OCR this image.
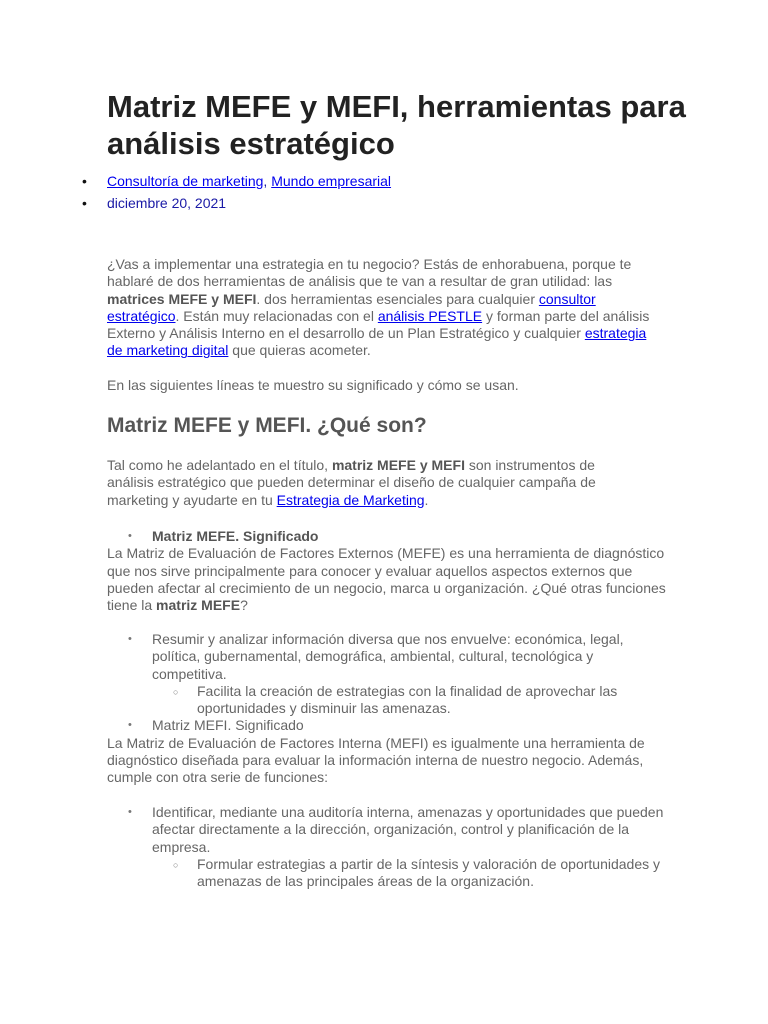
Matriz MEFE y MEFI, herramientas para análisis estratégico
• Consultoría de marketing, Mundo empresarial
• diciembre 20, 2021

¿Vas a implementar una estrategia en tu negocio? Estás de enhorabuena, porque te hablaré de dos herramientas de análisis que te van a resultar de gran utilidad: las matrices MEFE y MEFI. dos herramientas esenciales para cualquier consultor estratégico. Están muy relacionadas con el análisis PESTLE y forman parte del análisis Externo y Análisis Interno en el desarrollo de un Plan Estratégico y cualquier estrategia de marketing digital que quieras acometer.

En las siguientes líneas te muestro su significado y cómo se usan.

Matriz MEFE y MEFI. ¿Qué son?

Tal como he adelantado en el título, matriz MEFE y MEFI son instrumentos de análisis estratégico que pueden determinar el diseño de cualquier campaña de marketing y ayudarte en tu Estrategia de Marketing.

• Matriz MEFE. Significado
La Matriz de Evaluación de Factores Externos (MEFE) es una herramienta de diagnóstico que nos sirve principalmente para conocer y evaluar aquellos aspectos externos que pueden afectar al crecimiento de un negocio, marca u organización. ¿Qué otras funciones tiene la matriz MEFE?
• Resumir y analizar información diversa que nos envuelve: económica, legal, política, gubernamental, demográfica, ambiental, cultural, tecnológica y competitiva.
○ Facilita la creación de estrategias con la finalidad de aprovechar las oportunidades y disminuir las amenazas.
• Matriz MEFI. Significado
La Matriz de Evaluación de Factores Interna (MEFI) es igualmente una herramienta de diagnóstico diseñada para evaluar la información interna de nuestro negocio. Además, cumple con otra serie de funciones:
• Identificar, mediante una auditoría interna, amenazas y oportunidades que pueden afectar directamente a la dirección, organización, control y planificación de la empresa.
○ Formular estrategias a partir de la síntesis y valoración de oportunidades y amenazas de las principales áreas de la organización.
